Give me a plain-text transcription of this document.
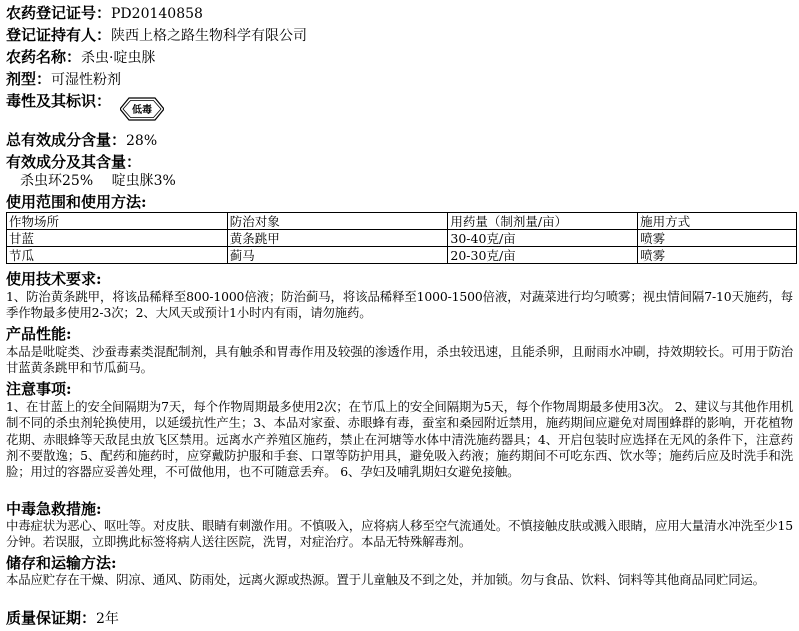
农药登记证号：PD20140858
登记证持有人：陕西上格之路生物科学有限公司
农药名称：杀虫·啶虫脒
剂型：可湿性粉剂
毒性及其标识：
低毒
总有效成分含量：28%
有效成分及其含量：
杀虫环25%　 啶虫脒3%
使用范围和使用方法:
作物场所	防治对象	用药量（制剂量/亩）	施用方式
甘蓝	黄条跳甲	30-40克/亩	喷雾
节瓜	蓟马	20-30克/亩	喷雾
使用技术要求:
1、防治黄条跳甲，将该品稀释至800-1000倍液；防治蓟马，将该品稀释至1000-1500倍液，对蔬菜进行均匀喷雾；视虫情间隔7-10天施药，每季作物最多使用2-3次；2、大风天或预计1小时内有雨，请勿施药。
产品性能:
本品是吡啶类、沙蚕毒素类混配制剂，具有触杀和胃毒作用及较强的渗透作用，杀虫较迅速，且能杀卵，且耐雨水冲刷，持效期较长。可用于防治甘蓝黄条跳甲和节瓜蓟马。
注意事项:
1、在甘蓝上的安全间隔期为7天，每个作物周期最多使用2次；在节瓜上的安全间隔期为5天，每个作物周期最多使用3次。 2、建议与其他作用机制不同的杀虫剂轮换使用，以延缓抗性产生；3、本品对家蚕、赤眼蜂有毒，蚕室和桑园附近禁用，施药期间应避免对周围蜂群的影响，开花植物花期、赤眼蜂等天敌昆虫放飞区禁用。远离水产养殖区施药，禁止在河塘等水体中清洗施药器具；4、开启包装时应选择在无风的条件下，注意药剂不要散逸；5、配药和施药时，应穿戴防护服和手套、口罩等防护用具，避免吸入药液；施药期间不可吃东西、饮水等；施药后应及时洗手和洗脸；用过的容器应妥善处理，不可做他用，也不可随意丢弃。 6、孕妇及哺乳期妇女避免接触。
中毒急救措施:
中毒症状为恶心、呕吐等。对皮肤、眼睛有刺激作用。不慎吸入，应将病人移至空气流通处。不慎接触皮肤或溅入眼睛，应用大量清水冲洗至少15分钟。若误服，立即携此标签将病人送往医院，洗胃，对症治疗。本品无特殊解毒剂。
储存和运输方法:
本品应贮存在干燥、阴凉、通风、防雨处，远离火源或热源。置于儿童触及不到之处，并加锁。勿与食品、饮料、饲料等其他商品同贮同运。
质量保证期：2年
